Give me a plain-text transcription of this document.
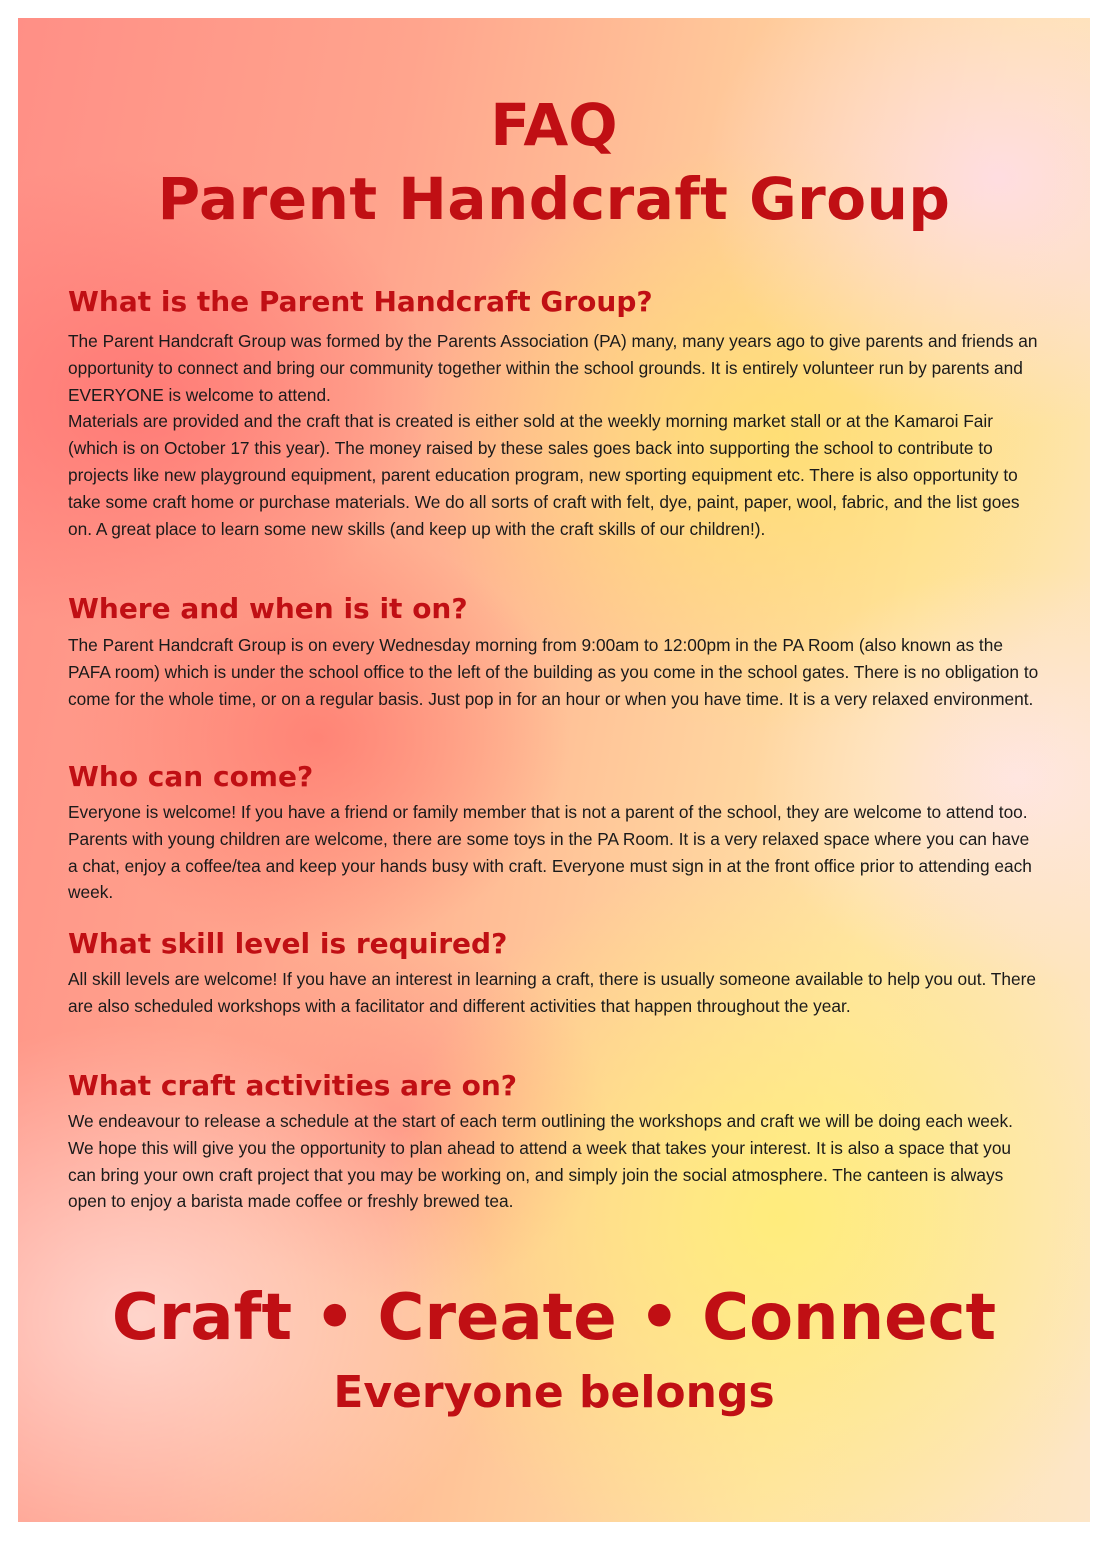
FAQ
Parent Handcraft Group
What is the Parent Handcraft Group?

The Parent Handcraft Group was formed by the Parents Association (PA) many, many years ago to give parents and friends an opportunity to connect and bring our community together within the school grounds. It is entirely volunteer run by parents and EVERYONE is welcome to attend.

Materials are provided and the craft that is created is either sold at the weekly morning market stall or at the Kamaroi Fair (which is on October 17 this year). The money raised by these sales goes back into supporting the school to contribute to projects like new playground equipment, parent education program, new sporting equipment etc. There is also opportunity to take some craft home or purchase materials. We do all sorts of craft with felt, dye, paint, paper, wool, fabric, and the list goes on. A great place to learn some new skills (and keep up with the craft skills of our children!).

Where and when is it on?

The Parent Handcraft Group is on every Wednesday morning from 9:00am to 12:00pm in the PA Room (also known as the PAFA room) which is under the school office to the left of the building as you come in the school gates. There is no obligation to come for the whole time, or on a regular basis. Just pop in for an hour or when you have time. It is a very relaxed environment.

Who can come?

Everyone is welcome! If you have a friend or family member that is not a parent of the school, they are welcome to attend too. Parents with young children are welcome, there are some toys in the PA Room. It is a very relaxed space where you can have a chat, enjoy a coffee/tea and keep your hands busy with craft. Everyone must sign in at the front office prior to attending each week.

What skill level is required?

All skill levels are welcome! If you have an interest in learning a craft, there is usually someone available to help you out. There are also scheduled workshops with a facilitator and different activities that happen throughout the year.

What craft activities are on?

We endeavour to release a schedule at the start of each term outlining the workshops and craft we will be doing each week. We hope this will give you the opportunity to plan ahead to attend a week that takes your interest. It is also a space that you can bring your own craft project that you may be working on, and simply join the social atmosphere. The canteen is always open to enjoy a barista made coffee or freshly brewed tea.

Craft • Create • Connect
Everyone belongs
